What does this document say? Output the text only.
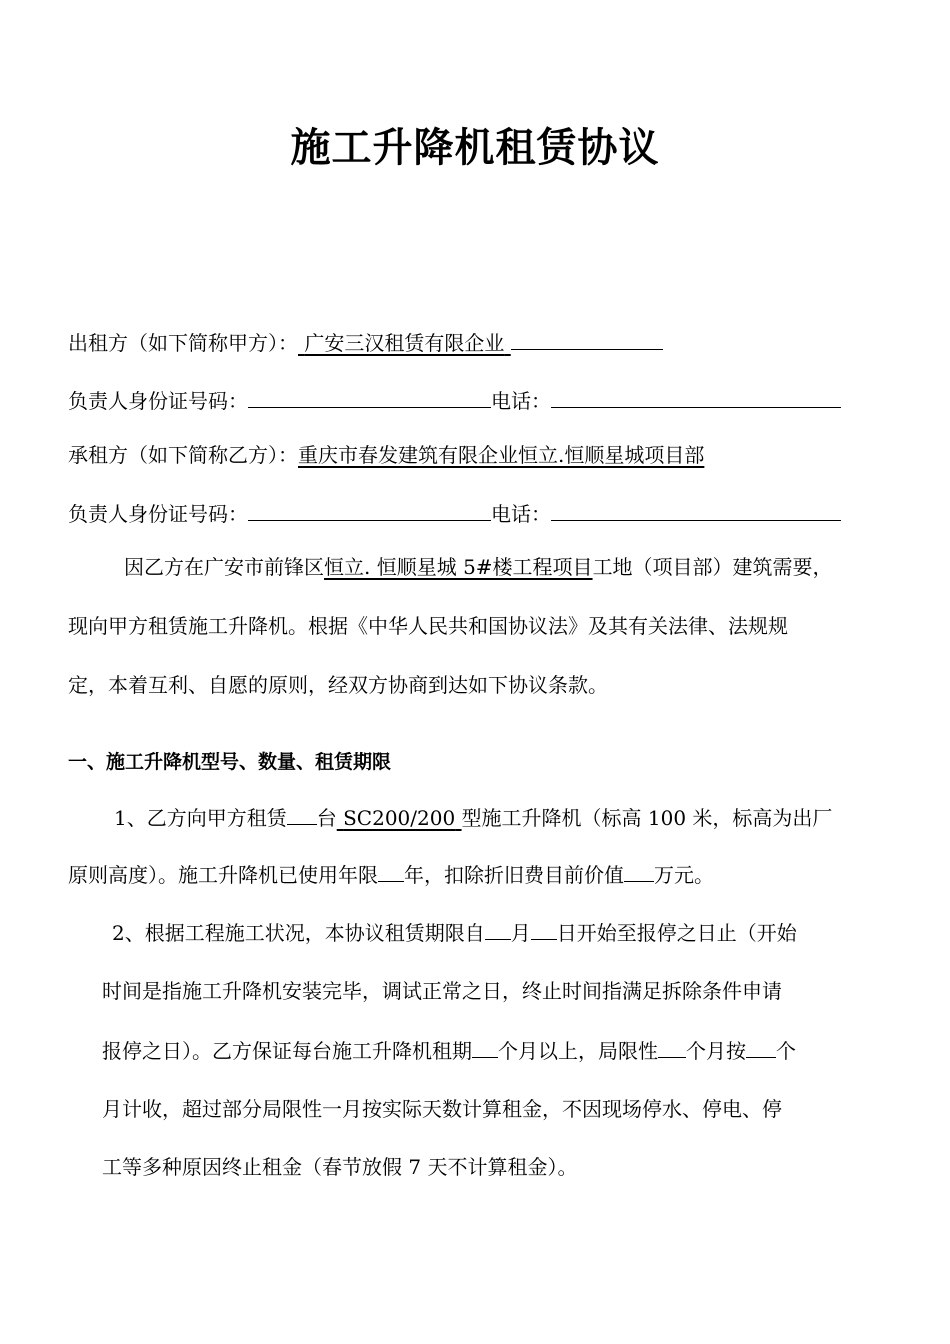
施工升降机租赁协议
出租方（如下简称甲方）： 广安三汉租赁有限企业
负责人身份证号码：	电话：
承租方（如下简称乙方）：重庆市春发建筑有限企业恒立.恒顺星城项目部
负责人身份证号码：	电话：
因乙方在广安市前锋区恒立. 恒顺星城 5#楼工程项目工地（项目部）建筑需要，
现向甲方租赁施工升降机。根据《中华人民共和国协议法》及其有关法律、法规规
定，本着互利、自愿的原则，经双方协商到达如下协议条款。
一、施工升降机型号、数量、租赁期限
1、乙方向甲方租赁 台 SC200/200 型施工升降机（标高 100 米，标高为出厂
原则高度）。施工升降机已使用年限 年，扣除折旧费目前价值 万元。
2、根据工程施工状况，本协议租赁期限自 月 日开始至报停之日止（开始
时间是指施工升降机安装完毕，调试正常之日，终止时间指满足拆除条件申请
报停之日）。乙方保证每台施工升降机租期 个月以上，局限性 个月按 个
月计收，超过部分局限性一月按实际天数计算租金，不因现场停水、停电、停
工等多种原因终止租金（春节放假 7 天不计算租金）。
